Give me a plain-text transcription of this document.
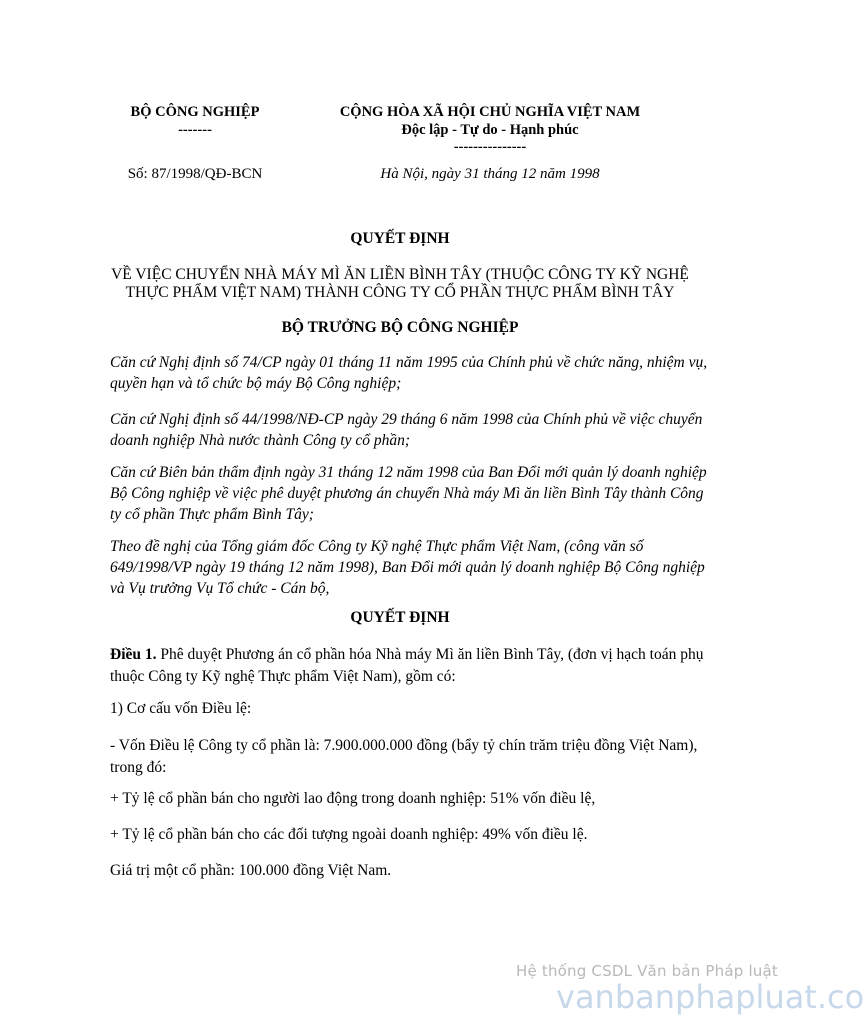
BỘ CÔNG NGHIỆP
-------
CỘNG HÒA XÃ HỘI CHỦ NGHĨA VIỆT NAM
Độc lập - Tự do - Hạnh phúc
---------------
Số: 87/1998/QĐ-BCN	Hà Nội, ngày 31 tháng 12 năm 1998
QUYẾT ĐỊNH
VỀ VIỆC CHUYỂN NHÀ MÁY MÌ ĂN LIỀN BÌNH TÂY (THUỘC CÔNG TY KỸ NGHỆ
THỰC PHẨM VIỆT NAM) THÀNH CÔNG TY CỔ PHẦN THỰC PHẨM BÌNH TÂY
BỘ TRƯỞNG BỘ CÔNG NGHIỆP

Căn cứ Nghị định số 74/CP ngày 01 tháng 11 năm 1995 của Chính phủ về chức năng, nhiệm vụ, quyền hạn và tổ chức bộ máy Bộ Công nghiệp;

Căn cứ Nghị định số 44/1998/NĐ-CP ngày 29 tháng 6 năm 1998 của Chính phủ về việc chuyển doanh nghiệp Nhà nước thành Công ty cổ phần;

Căn cứ Biên bản thẩm định ngày 31 tháng 12 năm 1998 của Ban Đổi mới quản lý doanh nghiệp Bộ Công nghiệp về việc phê duyệt phương án chuyển Nhà máy Mì ăn liền Bình Tây thành Công ty cổ phần Thực phẩm Bình Tây;

Theo đề nghị của Tổng giám đốc Công ty Kỹ nghệ Thực phẩm Việt Nam, (công văn số 649/1998/VP ngày 19 tháng 12 năm 1998), Ban Đổi mới quản lý doanh nghiệp Bộ Công nghiệp và Vụ trưởng Vụ Tổ chức - Cán bộ,

QUYẾT ĐỊNH

Điều 1. Phê duyệt Phương án cổ phần hóa Nhà máy Mì ăn liền Bình Tây, (đơn vị hạch toán phụ thuộc Công ty Kỹ nghệ Thực phẩm Việt Nam), gồm có:

1) Cơ cấu vốn Điều lệ:

- Vốn Điều lệ Công ty cổ phần là: 7.900.000.000 đồng (bẩy tỷ chín trăm triệu đồng Việt Nam), trong đó:

+ Tỷ lệ cổ phần bán cho người lao động trong doanh nghiệp: 51% vốn điều lệ,

+ Tỷ lệ cổ phần bán cho các đối tượng ngoài doanh nghiệp: 49% vốn điều lệ.

Giá trị một cổ phần: 100.000 đồng Việt Nam.

Hệ thống CSDL Văn bản Pháp luật
vanbanphapluat.co
